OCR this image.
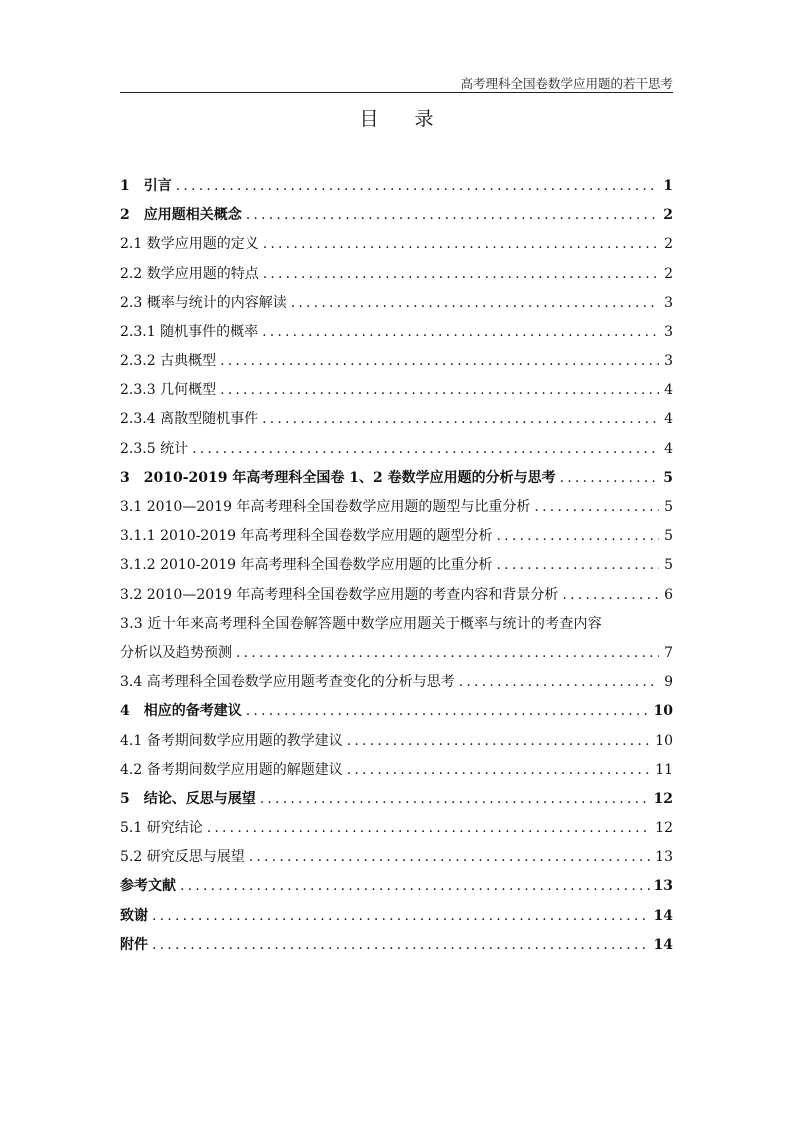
高考理科全国卷数学应用题的若干思考
目录
1　引言 .....	1
2　应用题相关概念 .....	2
2.1 数学应用题的定义 .....	2
2.2 数学应用题的特点 .....	2
2.3 概率与统计的内容解读 .....	3
2.3.1 随机事件的概率 .....	3
2.3.2 古典概型 .....	3
2.3.3 几何概型 .....	4
2.3.4 离散型随机事件 .....	4
2.3.5 统计 .....	4
3　2010-2019 年高考理科全国卷 1、2 卷数学应用题的分析与思考 .....	5
3.1 2010—2019 年高考理科全国卷数学应用题的题型与比重分析 .....	5
3.1.1 2010-2019 年高考理科全国卷数学应用题的题型分析 .....	5
3.1.2 2010-2019 年高考理科全国卷数学应用题的比重分析 .....	5
3.2 2010—2019 年高考理科全国卷数学应用题的考查内容和背景分析 .....	6
3.3 近十年来高考理科全国卷解答题中数学应用题关于概率与统计的考查内容
分析以及趋势预测 .....	7
3.4 高考理科全国卷数学应用题考查变化的分析与思考 .....	9
4　相应的备考建议 .....	10
4.1 备考期间数学应用题的教学建议 .....	10
4.2 备考期间数学应用题的解题建议 .....	11
5　结论、反思与展望 .....	12
5.1 研究结论 .....	12
5.2 研究反思与展望 .....	13
参考文献 .....	13
致谢 .....	14
附件 .....	14
